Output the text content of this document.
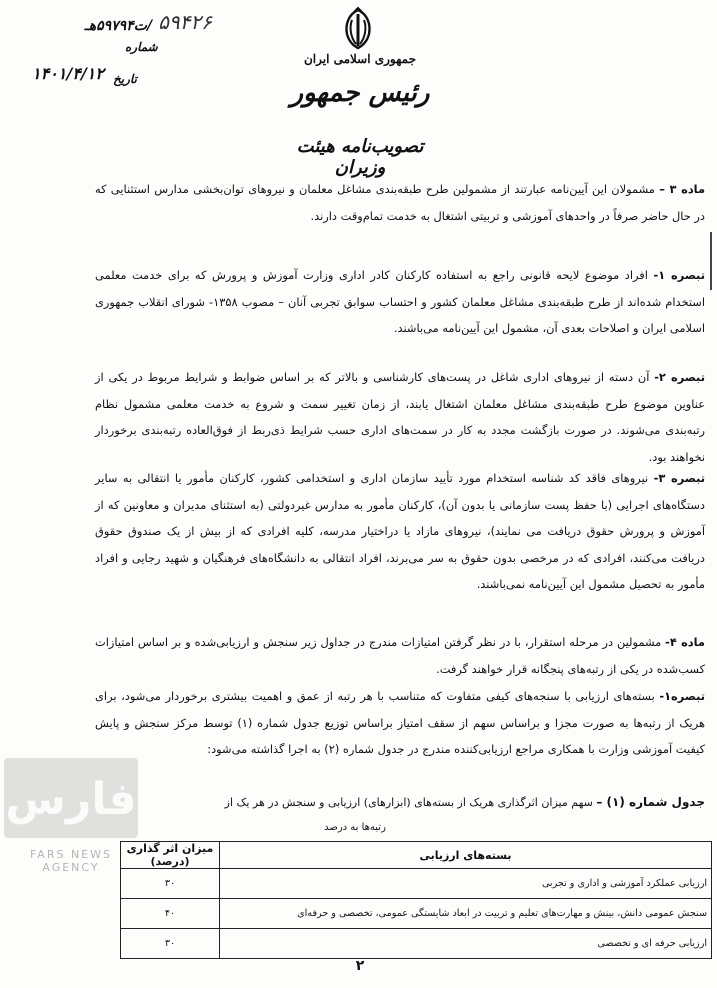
جمهوری اسلامی ایران
رئیس جمهور
تصویب‌نامه هیئت وزیران
۵۹۴۲۶
/ت۵۹۷۹۴هـ
شماره
تاریخ
۱۴۰۱/۴/۱۲
ماده ۳ – مشمولان این آیین‌نامه عبارتند از مشمولین طرح طبقه‌بندی مشاغل معلمان و نیروهای توان‌بخشی مدارس استثنایی که در حال حاضر صرفاً در واحدهای آموزشی و تربیتی اشتغال به خدمت تمام‌وقت دارند.
تبصره ۱- افراد موضوع لایحه قانونی راجع به استفاده کارکنان کادر اداری وزارت آموزش و پرورش که برای خدمت معلمی استخدام شده‌اند از طرح طبقه‌بندی مشاغل معلمان کشور و احتساب سوابق تجربی آنان – مصوب ۱۳۵۸- شورای انقلاب جمهوری اسلامی ایران و اصلاحات بعدی آن، مشمول این آیین‌نامه می‌باشند.
تبصره ۲- آن دسته از نیروهای اداری شاغل در پست‌های کارشناسی و بالاتر که بر اساس ضوابط و شرایط مربوط در یکی از عناوین موضوع طرح طبقه‌بندی مشاغل معلمان اشتغال یابند، از زمان تغییر سمت و شروع به خدمت معلمی مشمول نظام رتبه‌بندی می‌شوند. در صورت بازگشت مجدد به کار در سمت‌های اداری حسب شرایط ذی‌ربط از فوق‌العاده رتبه‌بندی برخوردار نخواهند بود.
تبصره ۳- نیروهای فاقد کد شناسه استخدام مورد تأیید سازمان اداری و استخدامی کشور، کارکنان مأمور یا انتقالی به سایر دستگاه‌های اجرایی (با حفظ پست سازمانی یا بدون آن)، کارکنان مأمور به مدارس غیردولتی (به استثنای مدیران و معاونین که از آموزش و پرورش حقوق دریافت می نمایند)، نیروهای مازاد یا دراختیار مدرسه، کلیه افرادی که از بیش از یک صندوق حقوق دریافت می‌کنند، افرادی که در مرخصی بدون حقوق به سر می‌برند، افراد انتقالی به دانشگاه‌های فرهنگیان و شهید رجایی و افراد مأمور به تحصیل مشمول این آیین‌نامه نمی‌باشند.
ماده ۴- مشمولین در مرحله استقرار، با در نظر گرفتن امتیازات مندرج در جداول زیر سنجش و ارزیابی‌شده و بر اساس امتیازات کسب‌شده در یکی از رتبه‌های پنجگانه قرار خواهند گرفت.
تبصره۱- بسته‌های ارزیابی با سنجه‌های کیفی متفاوت که متناسب با هر رتبه از عمق و اهمیت بیشتری برخوردار می‌شود، برای هریک از رتبه‌ها به صورت مجزا و براساس سهم از سقف امتیاز براساس توزیع جدول شماره (۱) توسط مرکز سنجش و پایش کیفیت آموزشی وزارت با همکاری مراجع ارزیابی‌کننده مندرج در جدول شماره (۲) به اجرا گذاشته می‌شود:
جدول شماره (۱) – سهم میزان اثرگذاری هریک از بسته‌های (ابزارهای) ارزیابی و سنجش در هر یک از
رتبه‌ها به درصد
بسته‌های ارزیابی	میزان اثر گذاری (درصد)
ارزیابی عملکرد آموزشی و اداری و تجربی	۳۰
سنجش عمومی دانش، بینش و مهارت‌های تعلیم و تربیت در ابعاد شایستگی عمومی، تخصصی و حرفه‌ای	۴۰
ارزیابی حرفه ای و تخصصی	۳۰
۲
فارس
FARS NEWS AGENCY
